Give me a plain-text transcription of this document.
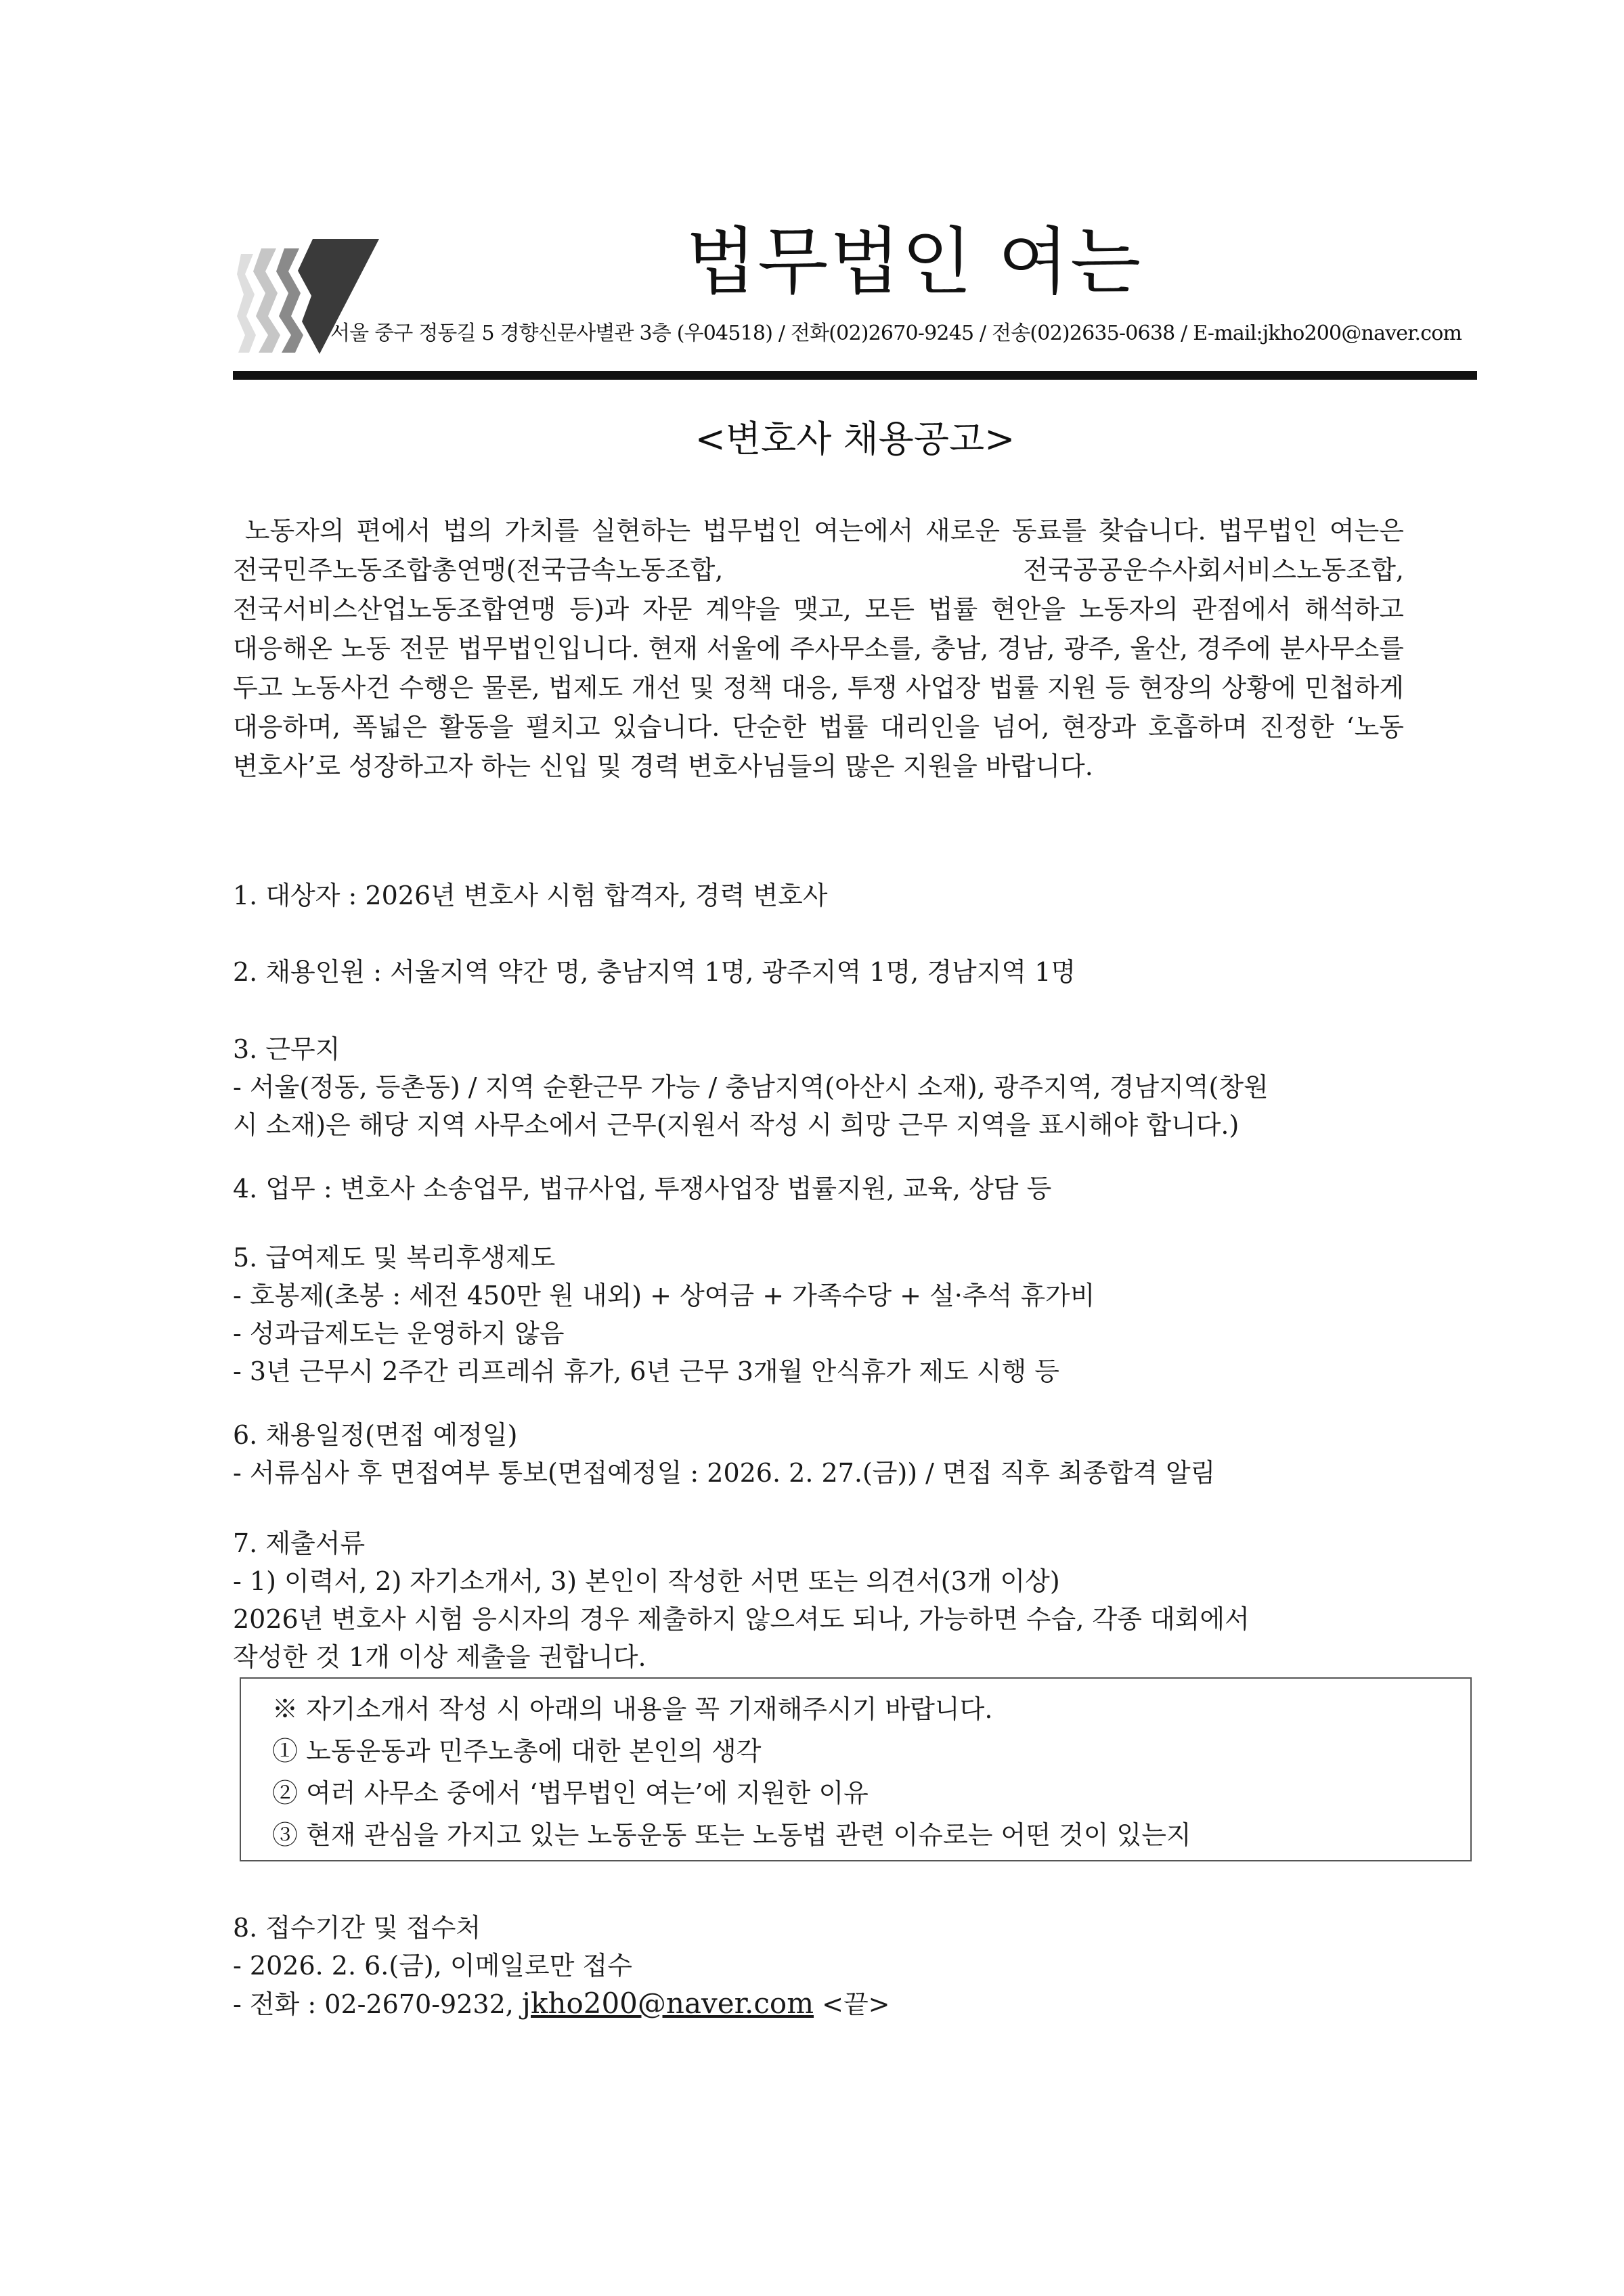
법무법인 여는
서울 중구 정동길 5 경향신문사별관 3층 (우04518) / 전화(02)2670-9245 / 전송(02)2635-0638 / E-mail:jkho200@naver.com
<변호사 채용공고>
노동자의 편에서 법의 가치를 실현하는 법무법인 여는에서 새로운 동료를 찾습니다. 법무법인 여는은 전국민주노동조합총연맹(전국금속노동조합, 전국공공운수사회서비스노동조합, 전국서비스산업노동조합연맹 등)과 자문 계약을 맺고, 모든 법률 현안을 노동자의 관점에서 해석하고 대응해온 노동 전문 법무법인입니다. 현재 서울에 주사무소를, 충남, 경남, 광주, 울산, 경주에 분사무소를 두고 노동사건 수행은 물론, 법제도 개선 및 정책 대응, 투쟁 사업장 법률 지원 등 현장의 상황에 민첩하게 대응하며, 폭넓은 활동을 펼치고 있습니다. 단순한 법률 대리인을 넘어, 현장과 호흡하며 진정한 ‘노동 변호사’로 성장하고자 하는 신입 및 경력 변호사님들의 많은 지원을 바랍니다.

1. 대상자 : 2026년 변호사 시험 합격자, 경력 변호사

2. 채용인원 : 서울지역 약간 명, 충남지역 1명, 광주지역 1명, 경남지역 1명

3. 근무지

- 서울(정동, 등촌동) / 지역 순환근무 가능 / 충남지역(아산시 소재), 광주지역, 경남지역(창원

시 소재)은 해당 지역 사무소에서 근무(지원서 작성 시 희망 근무 지역을 표시해야 합니다.)

4. 업무 : 변호사 소송업무, 법규사업, 투쟁사업장 법률지원, 교육, 상담 등

5. 급여제도 및 복리후생제도

- 호봉제(초봉 : 세전 450만 원 내외) + 상여금 + 가족수당 + 설·추석 휴가비

- 성과급제도는 운영하지 않음

- 3년 근무시 2주간 리프레쉬 휴가, 6년 근무 3개월 안식휴가 제도 시행 등

6. 채용일정(면접 예정일)

- 서류심사 후 면접여부 통보(면접예정일 : 2026. 2. 27.(금)) / 면접 직후 최종합격 알림

7. 제출서류

- 1) 이력서, 2) 자기소개서, 3) 본인이 작성한 서면 또는 의견서(3개 이상)

2026년 변호사 시험 응시자의 경우 제출하지 않으셔도 되나, 가능하면 수습, 각종 대회에서

작성한 것 1개 이상 제출을 권합니다.

※ 자기소개서 작성 시 아래의 내용을 꼭 기재해주시기 바랍니다.

① 노동운동과 민주노총에 대한 본인의 생각

② 여러 사무소 중에서 ‘법무법인 여는’에 지원한 이유

③ 현재 관심을 가지고 있는 노동운동 또는 노동법 관련 이슈로는 어떤 것이 있는지

8. 접수기간 및 접수처

- 2026. 2. 6.(금), 이메일로만 접수

- 전화 : 02-2670-9232, jkho200@naver.com <끝>
